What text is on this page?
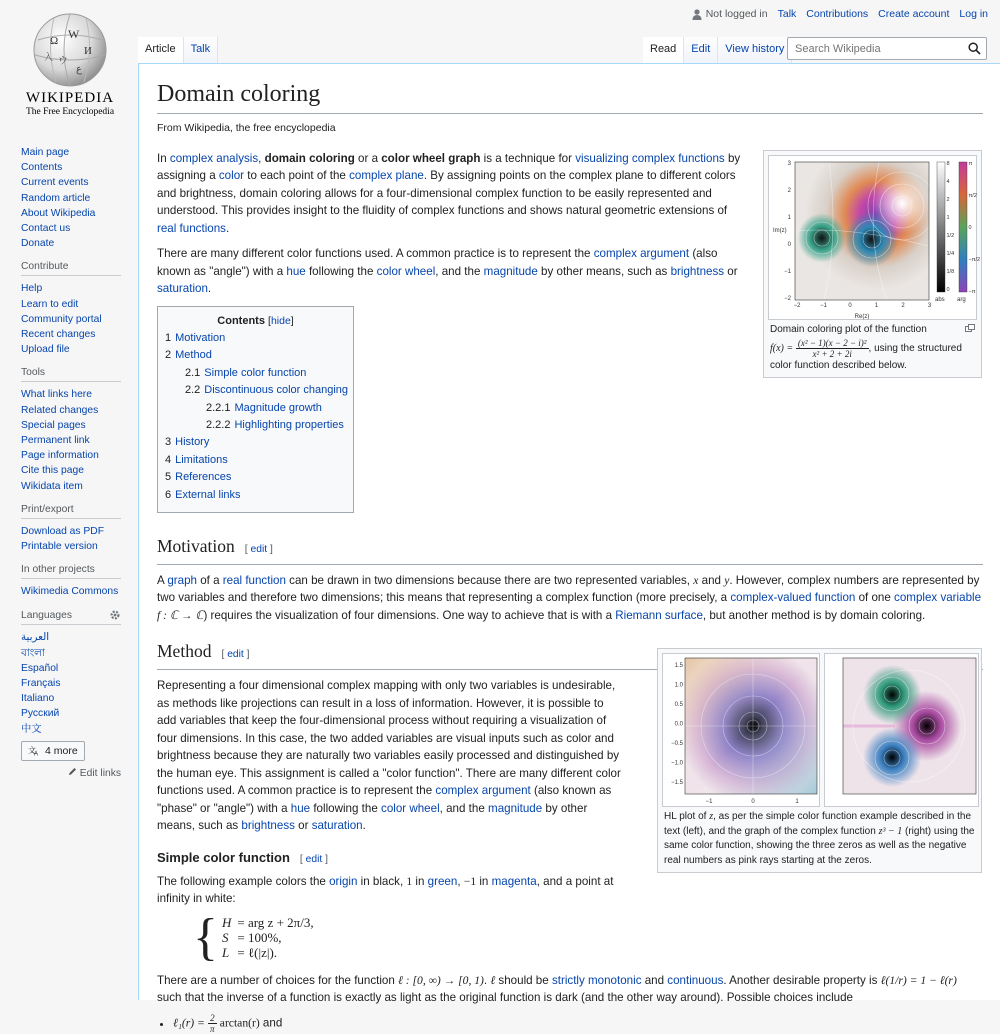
Ω W
И
ウ
ع
入
WIKIPEDIA
The Free Encyclopedia
Main page
Contents
Current events
Random article
About Wikipedia
Contact us
Donate
Contribute
Help
Learn to edit
Community portal
Recent changes
Upload file
Tools
What links here
Related changes
Special pages
Permanent link
Page information
Cite this page
Wikidata item
Print/export
Download as PDF
Printable version
In other projects
Wikimedia Commons
Languages
العربية
বাংলা
Español
Français
Italiano
Русский
中文
文
A 4 more
Edit links
Not logged in Talk Contributions Create account Log in
Domain coloring
From Wikipedia, the free encyclopedia

In complex analysis, domain coloring or a color wheel graph is a technique for visualizing complex functions by assigning a color to each point of the complex plane. By assigning points on the complex plane to different colors and brightness, domain coloring allows for a four-dimensional complex function to be easily represented and understood. This provides insight to the fluidity of complex functions and shows natural geometric extensions of real functions.

There are many different color functions used. A common practice is to represent the complex argument (also known as "angle") with a hue following the color wheel, and the magnitude by other means, such as brightness or saturation.

Contents [hide]
1 Motivation
2 Method
2.1 Simple color function
2.2 Discontinuous color changing
2.2.1 Magnitude growth
2.2.2 Highlighting properties
3 History
4 Limitations
5 References
6 External links
Motivation [ edit ]

A graph of a real function can be drawn in two dimensions because there are two represented variables, x and y. However, complex numbers are represented by two variables and therefore two dimensions; this means that representing a complex function (more precisely, a complex-valued function of one complex variable f : ℂ → ℂ) requires the visualization of four dimensions. One way to achieve that is with a Riemann surface, but another method is by domain coloring.

Method [ edit ]

Representing a four dimensional complex mapping with only two variables is undesirable, as methods like projections can result in a loss of information. However, it is possible to add variables that keep the four-dimensional process without requiring a visualization of four dimensions. In this case, the two added variables are visual inputs such as color and brightness because they are naturally two variables easily processed and distinguished by the human eye. This assignment is called a "color function". There are many different color functions used. A common practice is to represent the complex argument (also known as "phase" or "angle") with a hue following the color wheel, and the magnitude by other means, such as brightness or saturation.

Simple color function [ edit ]

The following example colors the origin in black, 1 in green, −1 in magenta, and a point at infinity in white:

{ H	= arg z + 2π/3,
S	= 100%,
L	= ℓ(|z|).

There are a number of choices for the function ℓ : [0, ∞) → [0, 1). ℓ should be strictly monotonic and continuous. Another desirable property is ℓ(1/r) = 1 − ℓ(r) such that the inverse of a function is exactly as light as the original function is dark (and the other way around). Possible choices include

• ℓ₁(r) = $\frac{2}{\pi} \arctan(r)$ and
−2	−1	0	1	2	3
3
2
1
0
−1
−2
8
4
2
1
1/2
1/4
1/8
0
π
π/2
0
−π/2
−π
Re(z)
Im(z)
abs arg
Domain coloring plot of the function
$f(x) = \frac{\text{(x² − 1)(x − 2 − i)²}}{\text{x² + 2 + 2i}}$ , using the structured color function described below.
1.5
1.0
0.5
0.0
−0.5
−1.0
−1.5
−1	0	1
HL plot of z, as per the simple color function example described in the text (left), and the graph of the complex function z³ − 1 (right) using the same color function, showing the three zeros as well as the negative real numbers as pink rays starting at the zeros.
Article	Talk	Read	Edit	View history
Search Wikipedia
